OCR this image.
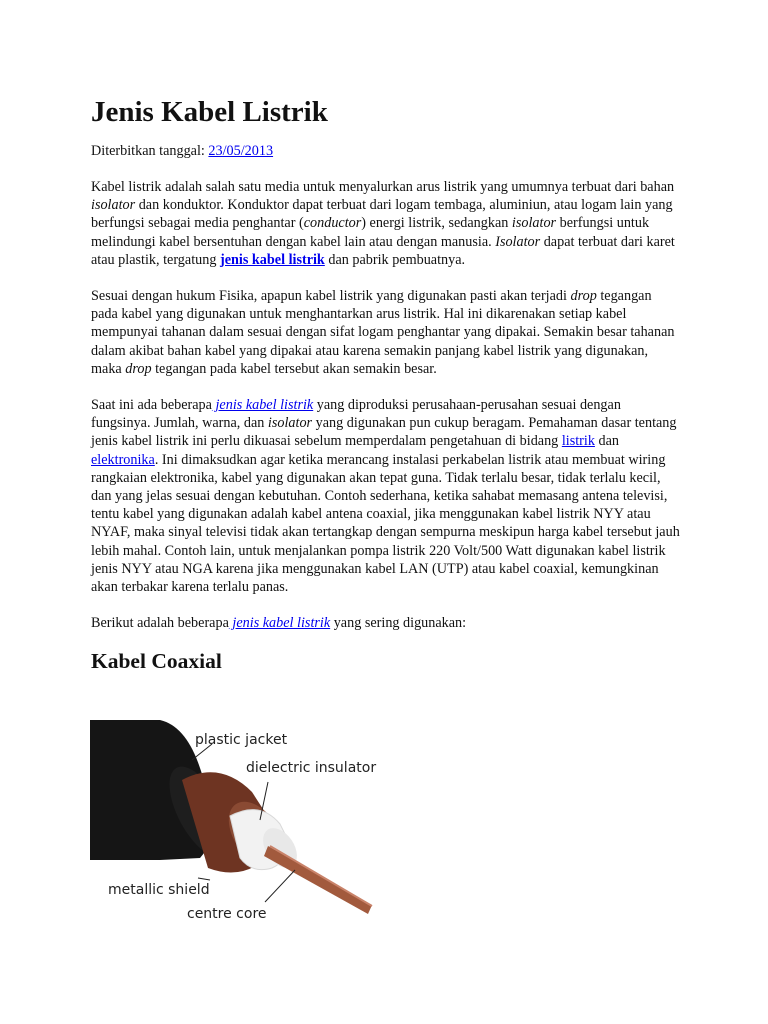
Jenis Kabel Listrik
Diterbitkan tanggal: 23/05/2013

Kabel listrik adalah salah satu media untuk menyalurkan arus listrik yang umumnya terbuat dari bahan isolator dan konduktor. Konduktor dapat terbuat dari logam tembaga, aluminiun, atau logam lain yang berfungsi sebagai media penghantar (conductor) energi listrik, sedangkan isolator berfungsi untuk melindungi kabel bersentuhan dengan kabel lain atau dengan manusia. Isolator dapat terbuat dari karet atau plastik, tergatung jenis kabel listrik dan pabrik pembuatnya.

Sesuai dengan hukum Fisika, apapun kabel listrik yang digunakan pasti akan terjadi drop tegangan pada kabel yang digunakan untuk menghantarkan arus listrik. Hal ini dikarenakan setiap kabel mempunyai tahanan dalam sesuai dengan sifat logam penghantar yang dipakai. Semakin besar tahanan dalam akibat bahan kabel yang dipakai atau karena semakin panjang kabel listrik yang digunakan, maka drop tegangan pada kabel tersebut akan semakin besar.

Saat ini ada beberapa jenis kabel listrik yang diproduksi perusahaan-perusahan sesuai dengan fungsinya. Jumlah, warna, dan isolator yang digunakan pun cukup beragam. Pemahaman dasar tentang jenis kabel listrik ini perlu dikuasai sebelum memperdalam pengetahuan di bidang listrik dan elektronika. Ini dimaksudkan agar ketika merancang instalasi perkabelan listrik atau membuat wiring rangkaian elektronika, kabel yang digunakan akan tepat guna. Tidak terlalu besar, tidak terlalu kecil, dan yang jelas sesuai dengan kebutuhan. Contoh sederhana, ketika sahabat memasang antena televisi, tentu kabel yang digunakan adalah kabel antena coaxial, jika menggunakan kabel listrik NYY atau NYAF, maka sinyal televisi tidak akan tertangkap dengan sempurna meskipun harga kabel tersebut jauh lebih mahal. Contoh lain, untuk menjalankan pompa listrik 220 Volt/500 Watt digunakan kabel listrik jenis NYY atau NGA karena jika menggunakan kabel LAN (UTP) atau kabel coaxial, kemungkinan akan terbakar karena terlalu panas.

Berikut adalah beberapa jenis kabel listrik yang sering digunakan:

Kabel Coaxial
plastic jacket
dielectric insulator
metallic shield
centre core
